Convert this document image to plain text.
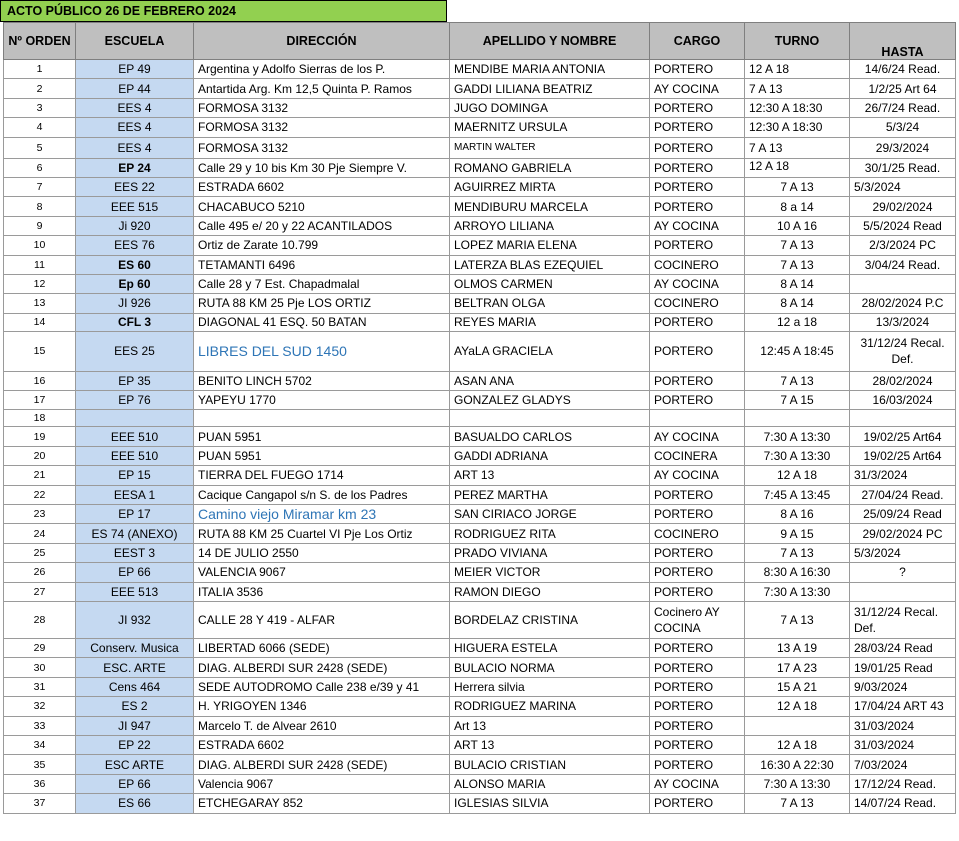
ACTO PÚBLICO 26 DE FEBRERO 2024
Nº ORDEN	ESCUELA	DIRECCIÓN	APELLIDO Y NOMBRE	CARGO	TURNO	HASTA
1	EP 49	Argentina y Adolfo Sierras de los P.	MENDIBE MARIA ANTONIA	PORTERO	12 A 18	14/6/24 Read.
2	EP 44	Antartida Arg. Km 12,5 Quinta P. Ramos	GADDI LILIANA BEATRIZ	AY COCINA	7 A 13	1/2/25 Art 64
3	EES 4	FORMOSA 3132	JUGO DOMINGA	PORTERO	12:30 A 18:30	26/7/24 Read.
4	EES 4	FORMOSA 3132	MAERNITZ URSULA	PORTERO	12:30 A 18:30	5/3/24
5	EES 4	FORMOSA 3132	MARTIN WALTER	PORTERO	7 A 13	29/3/2024
6	EP 24	Calle 29 y 10 bis Km 30 Pje Siempre V.	ROMANO GABRIELA	PORTERO	12 A 18	30/1/25 Read.
7	EES 22	ESTRADA 6602	AGUIRREZ MIRTA	PORTERO	7 A 13	5/3/2024
8	EEE 515	CHACABUCO 5210	MENDIBURU MARCELA	PORTERO	8 a 14	29/02/2024
9	Ji 920	Calle 495 e/ 20 y 22 ACANTILADOS	ARROYO LILIANA	AY COCINA	10 A 16	5/5/2024 Read
10	EES 76	Ortiz de Zarate 10.799	LOPEZ MARIA ELENA	PORTERO	7 A 13	2/3/2024 PC
11	ES 60	TETAMANTI 6496	LATERZA BLAS EZEQUIEL	COCINERO	7 A 13	3/04/24 Read.
12	Ep 60	Calle 28 y 7 Est. Chapadmalal	OLMOS CARMEN	AY COCINA	8 A 14	
13	JI 926	RUTA 88 KM 25 Pje LOS ORTIZ	BELTRAN OLGA	COCINERO	8 A 14	28/02/2024 P.C
14	CFL 3	DIAGONAL 41 ESQ. 50 BATAN	REYES MARIA	PORTERO	12 a 18	13/3/2024
15	EES 25	LIBRES DEL SUD 1450	AYaLA GRACIELA	PORTERO	12:45 A 18:45	31/12/24 Recal. Def.
16	EP 35	BENITO LINCH 5702	ASAN ANA	PORTERO	7 A 13	28/02/2024
17	EP 76	YAPEYU 1770	GONZALEZ GLADYS	PORTERO	7 A 15	16/03/2024
18						
19	EEE 510	PUAN 5951	BASUALDO CARLOS	AY COCINA	7:30 A 13:30	19/02/25 Art64
20	EEE 510	PUAN 5951	GADDI ADRIANA	COCINERA	7:30 A 13:30	19/02/25 Art64
21	EP 15	TIERRA DEL FUEGO 1714	ART 13	AY COCINA	12 A 18	31/3/2024
22	EESA 1	Cacique Cangapol s/n S. de los Padres	PEREZ MARTHA	PORTERO	7:45 A 13:45	27/04/24 Read.
23	EP 17	Camino viejo Miramar km 23	SAN CIRIACO JORGE	PORTERO	8 A 16	25/09/24 Read
24	ES 74 (ANEXO)	RUTA 88 KM 25 Cuartel VI Pje Los Ortiz	RODRIGUEZ RITA	COCINERO	9 A 15	29/02/2024 PC
25	EEST 3	14 DE JULIO 2550	PRADO VIVIANA	PORTERO	7 A 13	5/3/2024
26	EP 66	VALENCIA 9067	MEIER VICTOR	PORTERO	8:30 A 16:30	?
27	EEE 513	ITALIA 3536	RAMON DIEGO	PORTERO	7:30 A 13:30	
28	JI 932	CALLE 28 Y 419 - ALFAR	BORDELAZ CRISTINA	Cocinero AY COCINA	7 A 13	31/12/24 Recal. Def.
29	Conserv. Musica	LIBERTAD 6066 (SEDE)	HIGUERA ESTELA	PORTERO	13 A 19	28/03/24 Read
30	ESC. ARTE	DIAG. ALBERDI SUR 2428 (SEDE)	BULACIO NORMA	PORTERO	17 A 23	19/01/25 Read
31	Cens 464	SEDE AUTODROMO Calle 238 e/39 y 41	Herrera silvia	PORTERO	15 A 21	9/03/2024
32	ES 2	H. YRIGOYEN 1346	RODRIGUEZ MARINA	PORTERO	12 A 18	17/04/24 ART 43
33	JI 947	Marcelo T. de Alvear 2610	Art 13	PORTERO		31/03/2024
34	EP 22	ESTRADA 6602	ART 13	PORTERO	12 A 18	31/03/2024
35	ESC ARTE	DIAG. ALBERDI SUR 2428 (SEDE)	BULACIO CRISTIAN	PORTERO	16:30 A 22:30	7/03/2024
36	EP 66	Valencia 9067	ALONSO MARIA	AY COCINA	7:30 A 13:30	17/12/24 Read.
37	ES 66	ETCHEGARAY 852	IGLESIAS SILVIA	PORTERO	7 A 13	14/07/24 Read.
